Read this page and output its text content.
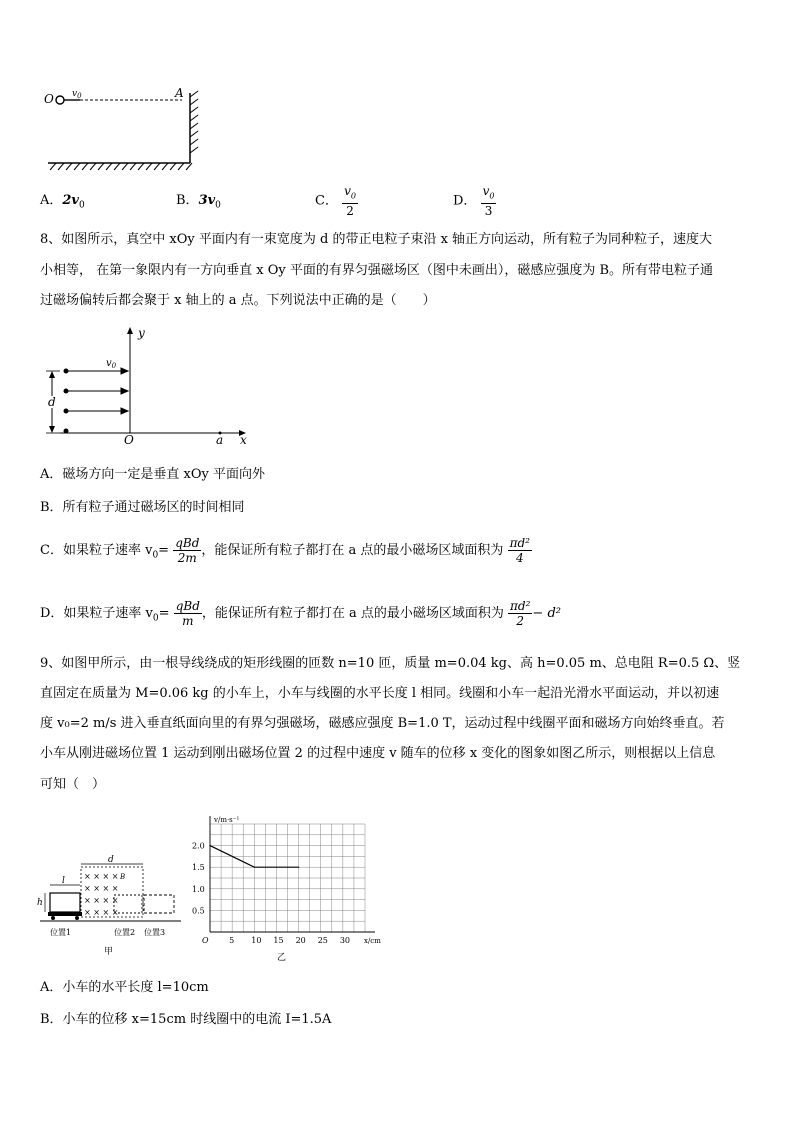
O $v_0$	A
A．$2v_0$	B．$3v_0$	C． $\frac{v_0}{2}$	D． $\frac{v_0}{3}$
8、如图所示，真空中 xOy 平面内有一束宽度为 d 的带正电粒子束沿 x 轴正方向运动，所有粒子为同种粒子，速度大
小相等， 在第一象限内有一方向垂直 x Oy 平面的有界匀强磁场区（图中未画出），磁感应强度为 B。所有带电粒子通
过磁场偏转后都会聚于 x 轴上的 a 点。下列说法中正确的是（　　）
y
x
O	a
$v_0$
d
A．磁场方向一定是垂直 xOy 平面向外
B．所有粒子通过磁场区的时间相同
C．如果粒子速率 $v_0= \frac{\text{qBd}}{2m}$ ，能保证所有粒子都打在 a 点的最小磁场区域面积为 $\frac{\text{πd²}}{4}$
D．如果粒子速率 $v_0= \frac{\text{qBd}}{m}$ ，能保证所有粒子都打在 a 点的最小磁场区域面积为 $\frac{\text{πd²}}{2} - d^2$
9、如图甲所示，由一根导线绕成的矩形线圈的匝数 n=10 匝，质量 m=0.04 kg、高 h=0.05 m、总电阻 R=0.5 Ω、竖
直固定在质量为 M=0.06 kg 的小车上，小车与线圈的水平长度 l 相同。线圈和小车一起沿光滑水平面运动，并以初速
度 v₀=2 m/s 进入垂直纸面向里的有界匀强磁场，磁感应强度 B=1.0 T，运动过程中线圈平面和磁场方向始终垂直。若
小车从刚进磁场位置 1 运动到刚出磁场位置 2 的过程中速度 v 随车的位移 x 变化的图象如图乙所示，则根据以上信息
可知（　）
× × × ×
× × × ×
× × × ×
× × × ×
B
d
l
h
位置1	位置2 位置3
甲
5 10 15 20 25 30
0.5
1.0
1.5
2.0
v/m·s⁻¹
x/cm
O
乙
A．小车的水平长度 l=10cm
B．小车的位移 x=15cm 时线圈中的电流 I=1.5A
